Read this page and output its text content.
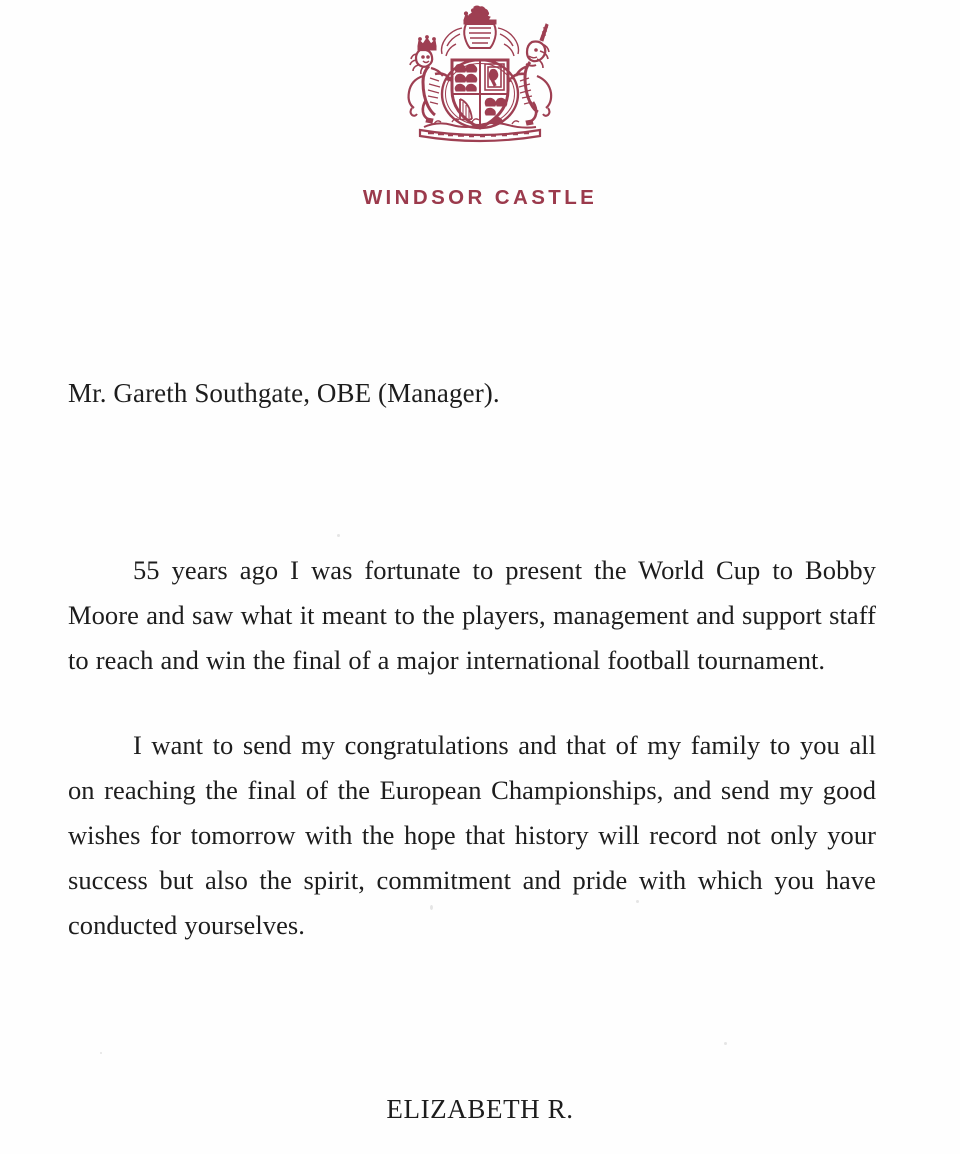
WINDSOR CASTLE
Mr. Gareth Southgate, OBE (Manager).

55 years ago I was fortunate to present the World Cup to Bobby Moore and saw what it meant to the players, management and support staff to reach and win the final of a major international football tournament.

I want to send my congratulations and that of my family to you all on reaching the final of the European Championships, and send my good wishes for tomorrow with the hope that history will record not only your success but also the spirit, commitment and pride with which you have conducted yourselves.

ELIZABETH R.
